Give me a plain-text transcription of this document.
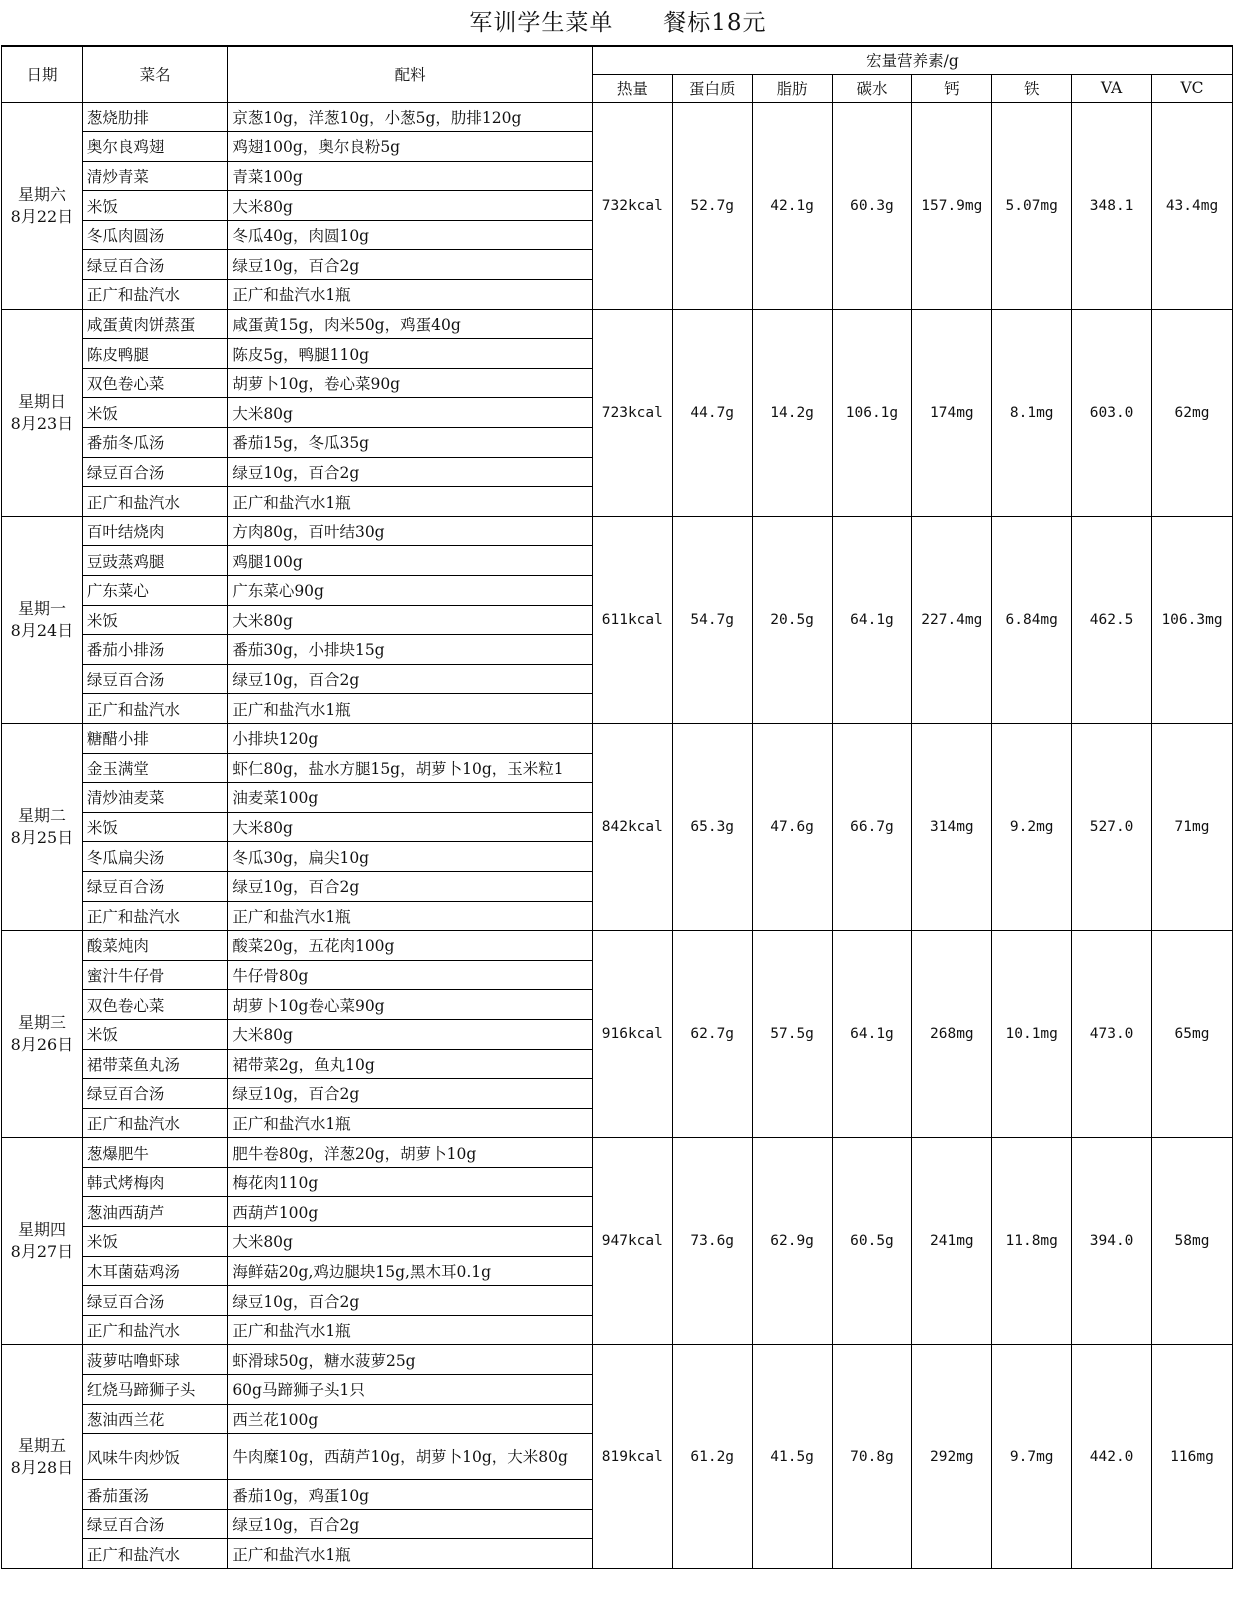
军训学生菜单      餐标18元
日期	菜名	配料	宏量营养素/g							
			热量	蛋白质	脂肪	碳水	钙	铁	VA	VC

星期六
8月22日	葱烧肋排	京葱10g，洋葱10g，小葱5g，肋排120g	732kcal	52.7g	42.1g	60.3g	157.9mg	5.07mg	348.1	43.4mg
	奥尔良鸡翅	鸡翅100g，奥尔良粉5g								
	清炒青菜	青菜100g								
	米饭	大米80g								
	冬瓜肉圆汤	冬瓜40g，肉圆10g								
	绿豆百合汤	绿豆10g，百合2g								
	正广和盐汽水	正广和盐汽水1瓶								

星期日
8月23日	咸蛋黄肉饼蒸蛋	咸蛋黄15g，肉米50g，鸡蛋40g	723kcal	44.7g	14.2g	106.1g	174mg	8.1mg	603.0	62mg
	陈皮鸭腿	陈皮5g，鸭腿110g								
	双色卷心菜	胡萝卜10g，卷心菜90g								
	米饭	大米80g								
	番茄冬瓜汤	番茄15g，冬瓜35g								
	绿豆百合汤	绿豆10g，百合2g								
	正广和盐汽水	正广和盐汽水1瓶								

星期一
8月24日	百叶结烧肉	方肉80g，百叶结30g	611kcal	54.7g	20.5g	64.1g	227.4mg	6.84mg	462.5	106.3mg
	豆豉蒸鸡腿	鸡腿100g								
	广东菜心	广东菜心90g								
	米饭	大米80g								
	番茄小排汤	番茄30g，小排块15g								
	绿豆百合汤	绿豆10g，百合2g								
	正广和盐汽水	正广和盐汽水1瓶								

星期二
8月25日	糖醋小排	小排块120g	842kcal	65.3g	47.6g	66.7g	314mg	9.2mg	527.0	71mg
	金玉满堂	虾仁80g，盐水方腿15g，胡萝卜10g，玉米粒1								
	清炒油麦菜	油麦菜100g								
	米饭	大米80g								
	冬瓜扁尖汤	冬瓜30g，扁尖10g								
	绿豆百合汤	绿豆10g，百合2g								
	正广和盐汽水	正广和盐汽水1瓶								

星期三
8月26日	酸菜炖肉	酸菜20g，五花肉100g	916kcal	62.7g	57.5g	64.1g	268mg	10.1mg	473.0	65mg
	蜜汁牛仔骨	牛仔骨80g								
	双色卷心菜	胡萝卜10g卷心菜90g								
	米饭	大米80g								
	裙带菜鱼丸汤	裙带菜2g，鱼丸10g								
	绿豆百合汤	绿豆10g，百合2g								
	正广和盐汽水	正广和盐汽水1瓶								

星期四
8月27日	葱爆肥牛	肥牛卷80g，洋葱20g，胡萝卜10g	947kcal	73.6g	62.9g	60.5g	241mg	11.8mg	394.0	58mg
	韩式烤梅肉	梅花肉110g								
	葱油西葫芦	西葫芦100g								
	米饭	大米80g								
	木耳菌菇鸡汤	海鲜菇20g,鸡边腿块15g,黑木耳0.1g								
	绿豆百合汤	绿豆10g，百合2g								
	正广和盐汽水	正广和盐汽水1瓶								

星期五
8月28日	菠萝咕噜虾球	虾滑球50g，糖水菠萝25g	819kcal	61.2g	41.5g	70.8g	292mg	9.7mg	442.0	116mg
	红烧马蹄狮子头	60g马蹄狮子头1只								
	葱油西兰花	西兰花100g								
	风味牛肉炒饭	牛肉糜10g，西葫芦10g，胡萝卜10g，大米80g								
	番茄蛋汤	番茄10g，鸡蛋10g								
	绿豆百合汤	绿豆10g，百合2g								
	正广和盐汽水	正广和盐汽水1瓶								
